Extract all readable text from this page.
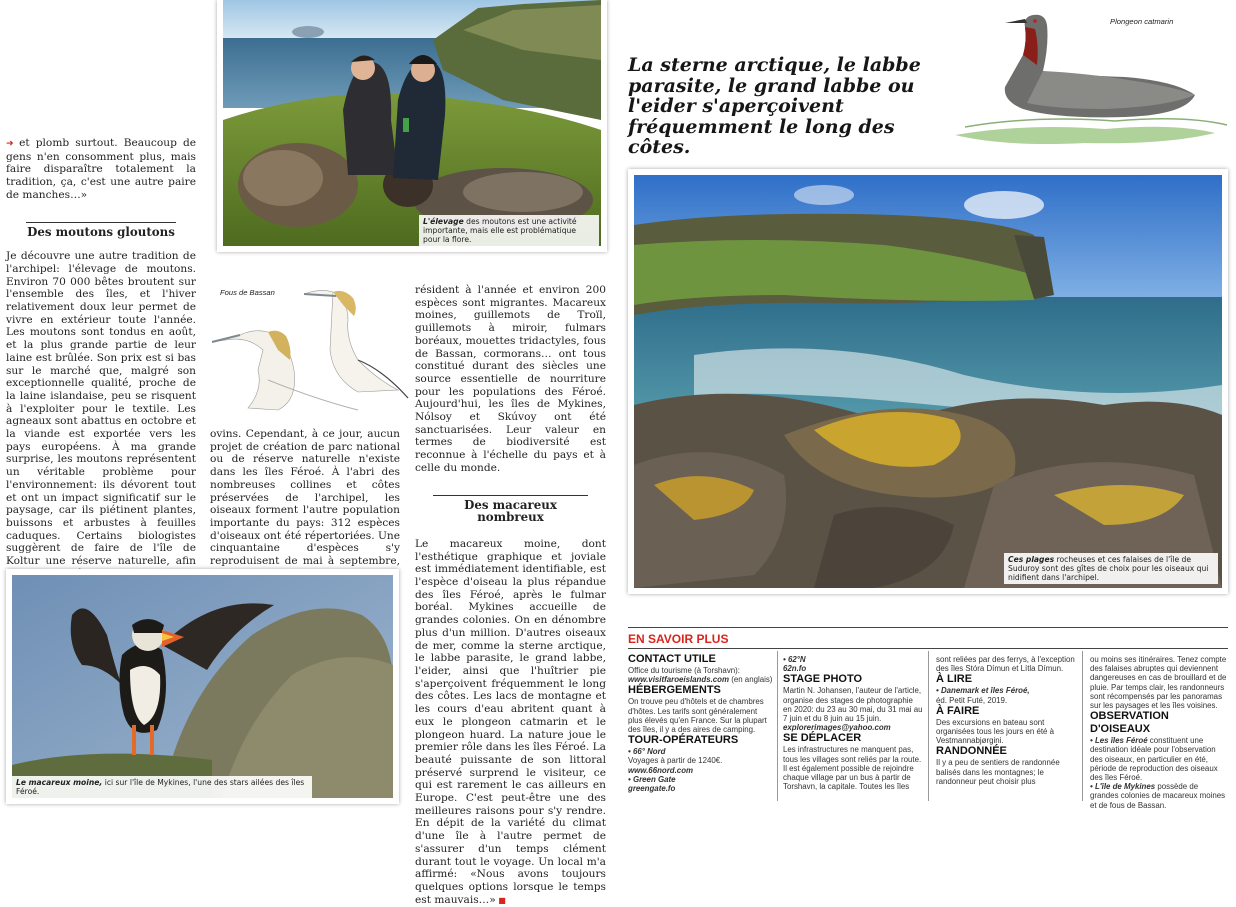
➜ et plomb surtout. Beaucoup de gens n'en consomment plus, mais faire disparaître totalement la tradition, ça, c'est une autre paire de manches…»

Des moutons gloutons

Je découvre une autre tradition de l'archipel: l'élevage de moutons. Environ 70 000 bêtes broutent sur l'ensemble des îles, et l'hiver relativement doux leur permet de vivre en extérieur toute l'année. Les moutons sont tondus en août, et la plus grande partie de leur laine est brûlée. Son prix est si bas sur le marché que, malgré son exceptionnelle qualité, proche de la laine islandaise, peu se risquent à l'exploiter pour le textile. Les agneaux sont abattus en octobre et la viande est exportée vers les pays européens. À ma grande surprise, les moutons représentent un véritable problème pour l'environnement: ils dévorent tout et ont un impact significatif sur le paysage, car ils piétinent plantes, buissons et arbustes à feuilles caduques. Certains biologistes suggèrent de faire de l'île de Koltur une réserve naturelle, afin

L'élevage des moutons est une activité importante, mais elle est problématique pour la flore.
Fous de Bassan

ovins. Cependant, à ce jour, aucun projet de création de parc national ou de réserve naturelle n'existe dans les îles Féroé. À l'abri des nombreuses collines et côtes préservées de l'archipel, les oiseaux forment l'autre population importante du pays: 312 espèces d'oiseaux ont été répertoriées. Une cinquantaine d'espèces s'y reproduisent de mai à septembre,

résident à l'année et environ 200 espèces sont migrantes. Macareux moines, guillemots de Troïl, guillemots à miroir, fulmars boréaux, mouettes tridactyles, fous de Bassan, cormorans… ont tous constitué durant des siècles une source essentielle de nourriture pour les populations des Féroé. Aujourd'hui, les îles de Mykines, Nólsoy et Skúvoy ont été sanctuarisées. Leur valeur en termes de biodiversité est reconnue à l'échelle du pays et à celle du monde.

Des macareux nombreux

Le macareux moine, dont l'esthétique graphique et joviale est immédiatement identifiable, est l'espèce d'oiseau la plus répandue des îles Féroé, après le fulmar boréal. Mykines accueille de grandes colonies. On en dénombre plus d'un million. D'autres oiseaux de mer, comme la sterne arctique, le labbe parasite, le grand labbe, l'eider, ainsi que l'huîtrier pie s'aperçoivent fréquemment le long des côtes. Les lacs de montagne et les cours d'eau abritent quant à eux le plongeon catmarin et le plongeon huard. La nature joue le premier rôle dans les îles Féroé. La beauté puissante de son littoral préservé surprend le visiteur, ce qui est rarement le cas ailleurs en Europe. C'est peut-être une des meilleures raisons pour s'y rendre. En dépit de la variété du climat d'une île à l'autre permet de s'assurer d'un temps clément durant tout le voyage. Un local m'a affirmé: «Nous avons toujours quelques options lorsque le temps est mauvais…» ■

Le macareux moine, ici sur l'île de Mykines, l'une des stars ailées des îles Féroé.
La sterne arctique, le labbe parasite, le grand labbe ou l'eider s'aperçoivent fréquemment le long des côtes.
Plongeon catmarin
Ces plages rocheuses et ces falaises de l'île de Suduroy sont des gîtes de choix pour les oiseaux qui nidifient dans l'archipel.
EN SAVOIR PLUS
CONTACT UTILE
Office du tourisme (à Torshavn):
www.visitfaroeislands.com (en anglais)
HÉBERGEMENTS
On trouve peu d'hôtels et de chambres d'hôtes. Les tarifs sont généralement plus élevés qu'en France. Sur la plupart des îles, il y a des aires de camping.
TOUR-OPÉRATEURS
• 66° Nord
Voyages à partir de 1240€.
www.66nord.com
• Green Gate
greengate.fo
• 62°N
62n.fo
STAGE PHOTO
Martin N. Johansen, l'auteur de l'article, organise des stages de photographie en 2020: du 23 au 30 mai, du 31 mai au 7 juin et du 8 juin au 15 juin.
explorerimages@yahoo.com
SE DÉPLACER
Les infrastructures ne manquent pas, tous les villages sont reliés par la route. Il est également possible de rejoindre chaque village par un bus à partir de Torshavn, la capitale. Toutes les îles
sont reliées par des ferrys, à l'exception des îles Stóra Dímun et Lítla Dímun.
À LIRE
• Danemark et îles Féroé,
éd. Petit Futé, 2019.
À FAIRE
Des excursions en bateau sont organisées tous les jours en été à Vestmannabjørgini.
RANDONNÉE
Il y a peu de sentiers de randonnée balisés dans les montagnes; le randonneur peut choisir plus
ou moins ses itinéraires. Tenez compte des falaises abruptes qui deviennent dangereuses en cas de brouillard et de pluie. Par temps clair, les randonneurs sont récompensés par les panoramas sur les paysages et les îles voisines.
OBSERVATION D'OISEAUX
• Les îles Féroé constituent une destination idéale pour l'observation des oiseaux, en particulier en été, période de reproduction des oiseaux des îles Féroé.
• L'île de Mykines possède de grandes colonies de macareux moines et de fous de Bassan.
